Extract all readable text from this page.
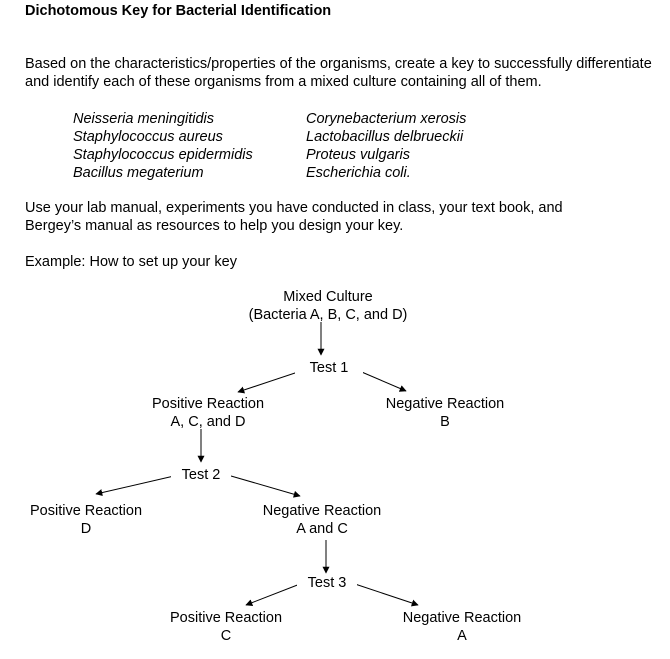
Dichotomous Key for Bacterial Identification
Based on the characteristics/properties of the organisms, create a key to successfully differentiate and identify each of these organisms from a mixed culture containing all of them.
Neisseria meningitidis
Staphylococcus aureus
Staphylococcus epidermidis
Bacillus megaterium
Corynebacterium xerosis
Lactobacillus delbrueckii
Proteus vulgaris
Escherichia coli.
Use your lab manual, experiments you have conducted in class, your text book, and
Bergey’s manual as resources to help you design your key.
Example: How to set up your key
Mixed Culture
(Bacteria A, B, C, and D)
Test 1
Positive Reaction
A, C, and D
Negative Reaction
B
Test 2
Positive Reaction
D
Negative Reaction
A and C
Test 3
Positive Reaction
C
Negative Reaction
A
